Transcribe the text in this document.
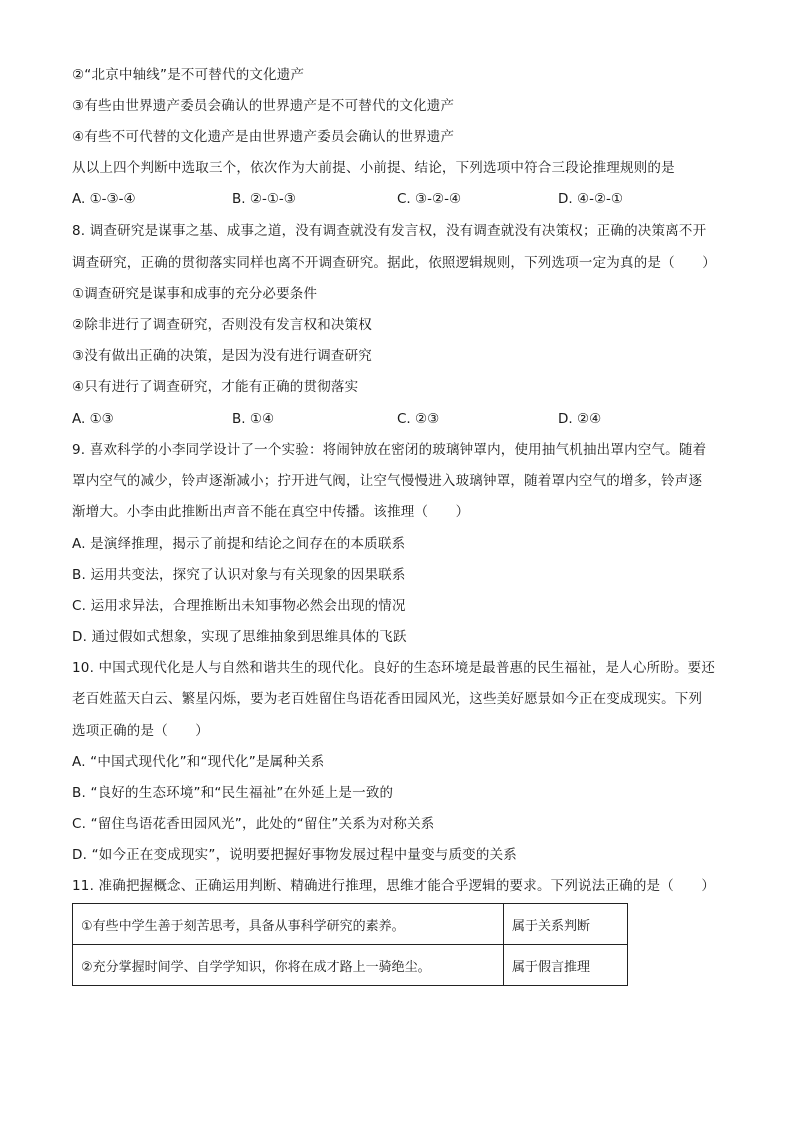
②“北京中轴线”是不可替代的文化遗产
③有些由世界遗产委员会确认的世界遗产是不可替代的文化遗产
④有些不可代替的文化遗产是由世界遗产委员会确认的世界遗产
从以上四个判断中选取三个，依次作为大前提、小前提、结论，下列选项中符合三段论推理规则的是
A. ①-③-④	B. ②-①-③	C. ③-②-④	D. ④-②-①
8. 调查研究是谋事之基、成事之道，没有调查就没有发言权，没有调查就没有决策权；正确的决策离不开
调查研究，正确的贯彻落实同样也离不开调查研究。据此，依照逻辑规则，下列选项一定为真的是（　　）
①调查研究是谋事和成事的充分必要条件
②除非进行了调查研究，否则没有发言权和决策权
③没有做出正确的决策，是因为没有进行调查研究
④只有进行了调查研究，才能有正确的贯彻落实
A. ①③	B. ①④	C. ②③	D. ②④
9. 喜欢科学的小李同学设计了一个实验：将闹钟放在密闭的玻璃钟罩内，使用抽气机抽出罩内空气。随着
罩内空气的减少，铃声逐渐减小；拧开进气阀，让空气慢慢进入玻璃钟罩，随着罩内空气的增多，铃声逐
渐增大。小李由此推断出声音不能在真空中传播。该推理（　　）
A. 是演绎推理，揭示了前提和结论之间存在的本质联系
B. 运用共变法，探究了认识对象与有关现象的因果联系
C. 运用求异法，合理推断出未知事物必然会出现的情况
D. 通过假如式想象，实现了思维抽象到思维具体的飞跃
10. 中国式现代化是人与自然和谐共生的现代化。良好的生态环境是最普惠的民生福祉，是人心所盼。要还
老百姓蓝天白云、繁星闪烁，要为老百姓留住鸟语花香田园风光，这些美好愿景如今正在变成现实。下列
选项正确的是（　　）
A. “中国式现代化”和“现代化”是属种关系
B. “良好的生态环境”和“民生福祉”在外延上是一致的
C. “留住鸟语花香田园风光”，此处的“留住”关系为对称关系
D. “如今正在变成现实”，说明要把握好事物发展过程中量变与质变的关系
11. 准确把握概念、正确运用判断、精确进行推理，思维才能合乎逻辑的要求。下列说法正确的是（　　）
①有些中学生善于刻苦思考，具备从事科学研究的素养。	属于关系判断
②充分掌握时间学、自学学知识，你将在成才路上一骑绝尘。	属于假言推理
